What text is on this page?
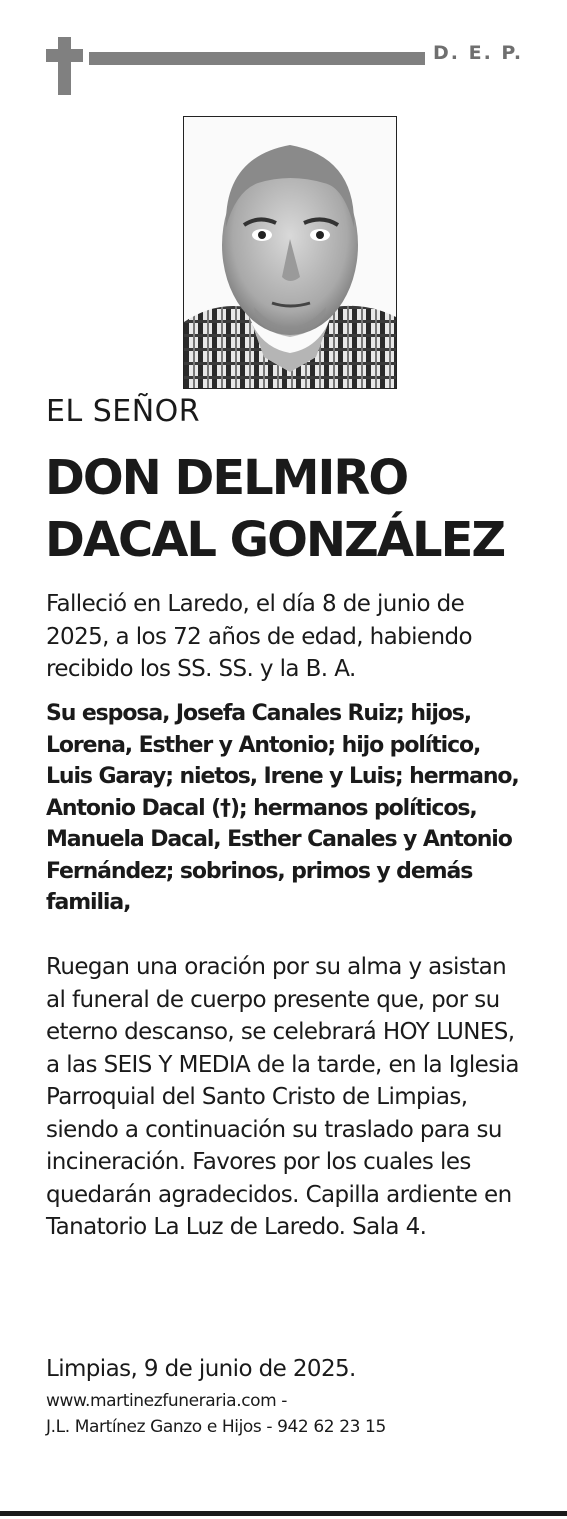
D. E. P.
EL SEÑOR
DON DELMIRO
DACAL GONZÁLEZ
Falleció en Laredo, el día 8 de junio de 2025, a los 72 años de edad, habiendo recibido los SS. SS. y la B. A.
Su esposa, Josefa Canales Ruiz; hijos, Lorena, Esther y Antonio; hijo político, Luis Garay; nietos, Irene y Luis; hermano, Antonio Dacal (†); hermanos políticos, Manuela Dacal, Esther Canales y Antonio Fernández; sobrinos, primos y demás familia,
Ruegan una oración por su alma y asistan al funeral de cuerpo presente que, por su eterno descanso, se celebrará HOY LUNES, a las SEIS Y MEDIA de la tarde, en la Iglesia Parroquial del Santo Cristo de Limpias, siendo a continuación su traslado para su incineración. Favores por los cuales les quedarán agradecidos. Capilla ardiente en Tanatorio La Luz de Laredo. Sala 4.
Limpias, 9 de junio de 2025.
www.martinezfuneraria.com -
J.L. Martínez Ganzo e Hijos - 942 62 23 15
